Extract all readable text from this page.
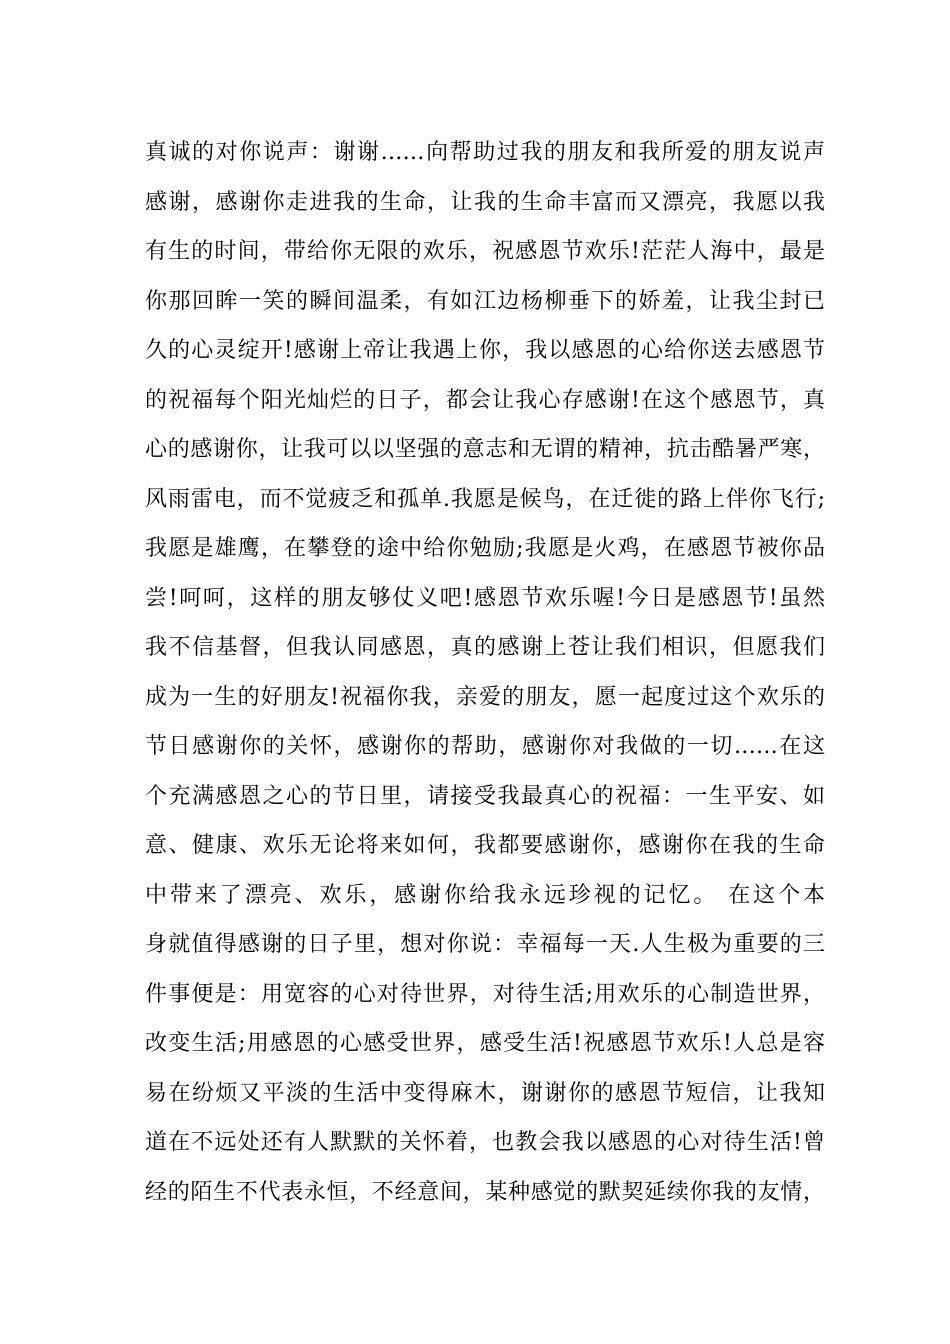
真诚的对你说声：谢谢……向帮助过我的朋友和我所爱的朋友说声
感谢，感谢你走进我的生命，让我的生命丰富而又漂亮，我愿以我
有生的时间，带给你无限的欢乐，祝感恩节欢乐!茫茫人海中，最是
你那回眸一笑的瞬间温柔，有如江边杨柳垂下的娇羞，让我尘封已
久的心灵绽开!感谢上帝让我遇上你，我以感恩的心给你送去感恩节
的祝福每个阳光灿烂的日子，都会让我心存感谢!在这个感恩节，真
心的感谢你，让我可以以坚强的意志和无谓的精神，抗击酷暑严寒，
风雨雷电，而不觉疲乏和孤单.我愿是候鸟，在迁徙的路上伴你飞行;
我愿是雄鹰，在攀登的途中给你勉励;我愿是火鸡，在感恩节被你品
尝!呵呵，这样的朋友够仗义吧!感恩节欢乐喔!今日是感恩节!虽然
我不信基督，但我认同感恩，真的感谢上苍让我们相识，但愿我们
成为一生的好朋友!祝福你我，亲爱的朋友，愿一起度过这个欢乐的
节日感谢你的关怀，感谢你的帮助，感谢你对我做的一切……在这
个充满感恩之心的节日里，请接受我最真心的祝福：一生平安、如
意、健康、欢乐无论将来如何，我都要感谢你，感谢你在我的生命
中带来了漂亮、欢乐，感谢你给我永远珍视的记忆。 在这个本
身就值得感谢的日子里，想对你说：幸福每一天.人生极为重要的三
件事便是：用宽容的心对待世界，对待生活;用欢乐的心制造世界，
改变生活;用感恩的心感受世界，感受生活!祝感恩节欢乐!人总是容
易在纷烦又平淡的生活中变得麻木，谢谢你的感恩节短信，让我知
道在不远处还有人默默的关怀着，也教会我以感恩的心对待生活!曾
经的陌生不代表永恒，不经意间，某种感觉的默契延续你我的友情，
